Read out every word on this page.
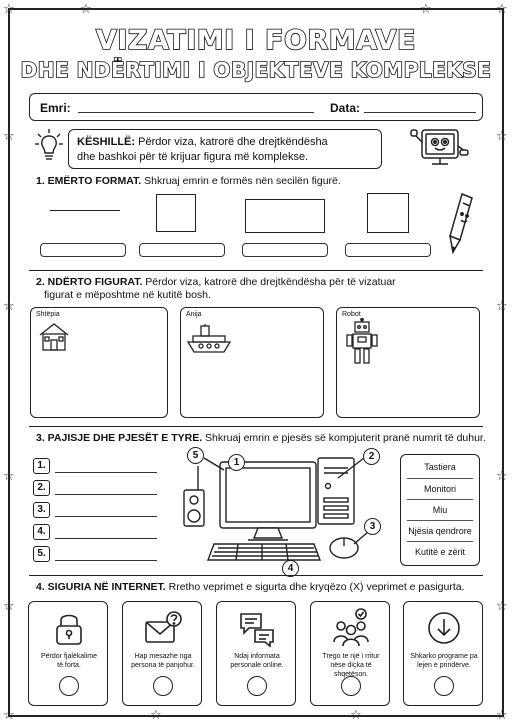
☆	☆
☆	☆
☆	☆
☆	☆
☆	☆
☆	☆
☆	☆
☆	☆
VIZATIMI I FORMAVE
DHE NDËRTIMI I OBJEKTEVE KOMPLEKSE
Emri:	Data:
KËSHILLË: Përdor viza, katrorë dhe drejtkëndësha
dhe bashkoi për të krijuar figura më komplekse.
1. EMËRTO FORMAT. Shkruaj emrin e formës nën secilën figurë.
2. NDËRTO FIGURAT. Përdor viza, katrorë dhe drejtkëndësha për të vizatuar
figurat e mëposhtme në kutitë bosh.
Shtëpia	Anija	Robot
3. PAJISJE DHE PJESËT E TYRE. Shkruaj emrin e pjesës së kompjuterit pranë numrit të duhur.
1.
2.
3.
4.
5.
5
1
2
3
4
Tastiera
Monitori
Miu
Njësia qendrore
Kutitë e zërit
4. SIGURIA NË INTERNET. Rretho veprimet e sigurta dhe kryqëzo (X) veprimet e pasigurta.
Përdor fjalëkalime
të forta.
Hap mesazhe nga
persona të panjohur.
Ndaj informata
personale online.
Trego te një i rritur
nëse diçka të shqetëson.
Shkarko programe pa
lejen e prindërve.
